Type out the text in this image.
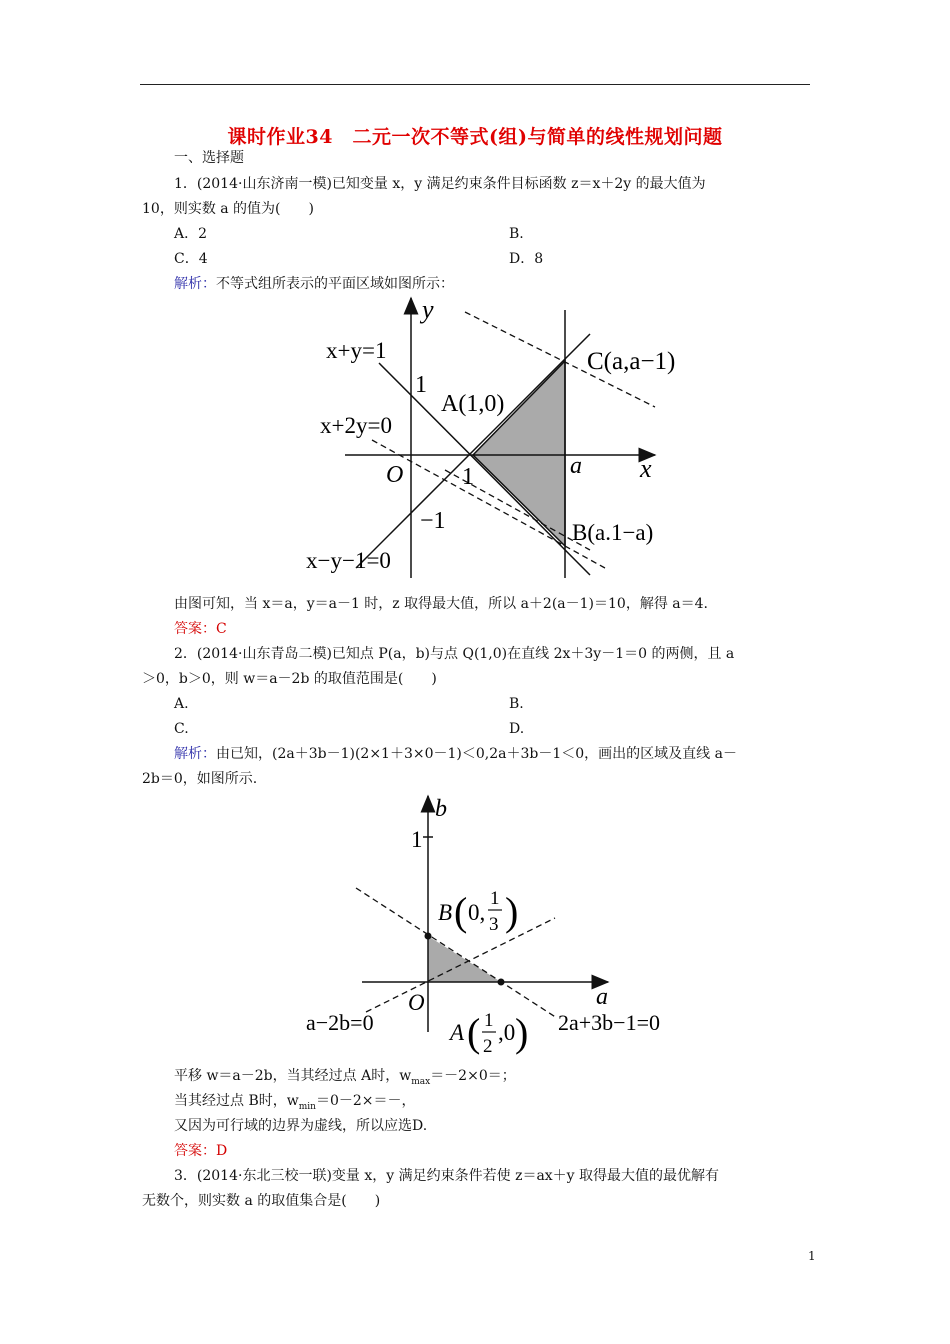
课时作业34　二元一次不等式(组)与简单的线性规划问题
一、选择题
1．(2014·山东济南一模)已知变量 x，y 满足约束条件目标函数 z＝x＋2y 的最大值为
10，则实数 a 的值为(　　)
A．2	B.
C．4	D．8
解析：不等式组所表示的平面区域如图所示：
y
x
O 1	a
1
−1
x+y=1
x+2y=0
x−y−1=0
A(1,0)
B(a.1−a)
C(a,a−1)
由图可知，当 x＝a，y＝a－1 时，z 取得最大值，所以 a＋2(a－1)＝10，解得 a＝4.
答案：C
2．(2014·山东青岛二模)已知点 P(a，b)与点 Q(1,0)在直线 2x＋3y－1＝0 的两侧，且 a
＞0，b＞0，则 w＝a－2b 的取值范围是(　　)
A.	B.
C.	D.
解析：由已知，(2a＋3b－1)(2×1＋3×0－1)＜0,2a＋3b－1＜0，画出的区域及直线 a－
2b＝0，如图所示.
b
a
O
1
B ( 0,
1
3 )
A ( 1
2
,0 )
a−2b=0	2a+3b−1=0
平移 w＝a－2b，当其经过点 A时，$w_{max}=-2\times 0=$；
当其经过点 B时，$w_{min}=0-2\times=-$，
又因为可行域的边界为虚线，所以应选D.
答案：D
3．(2014·东北三校一联)变量 x，y 满足约束条件若使 z＝ax＋y 取得最大值的最优解有
无数个，则实数 a 的取值集合是(　　)
1
